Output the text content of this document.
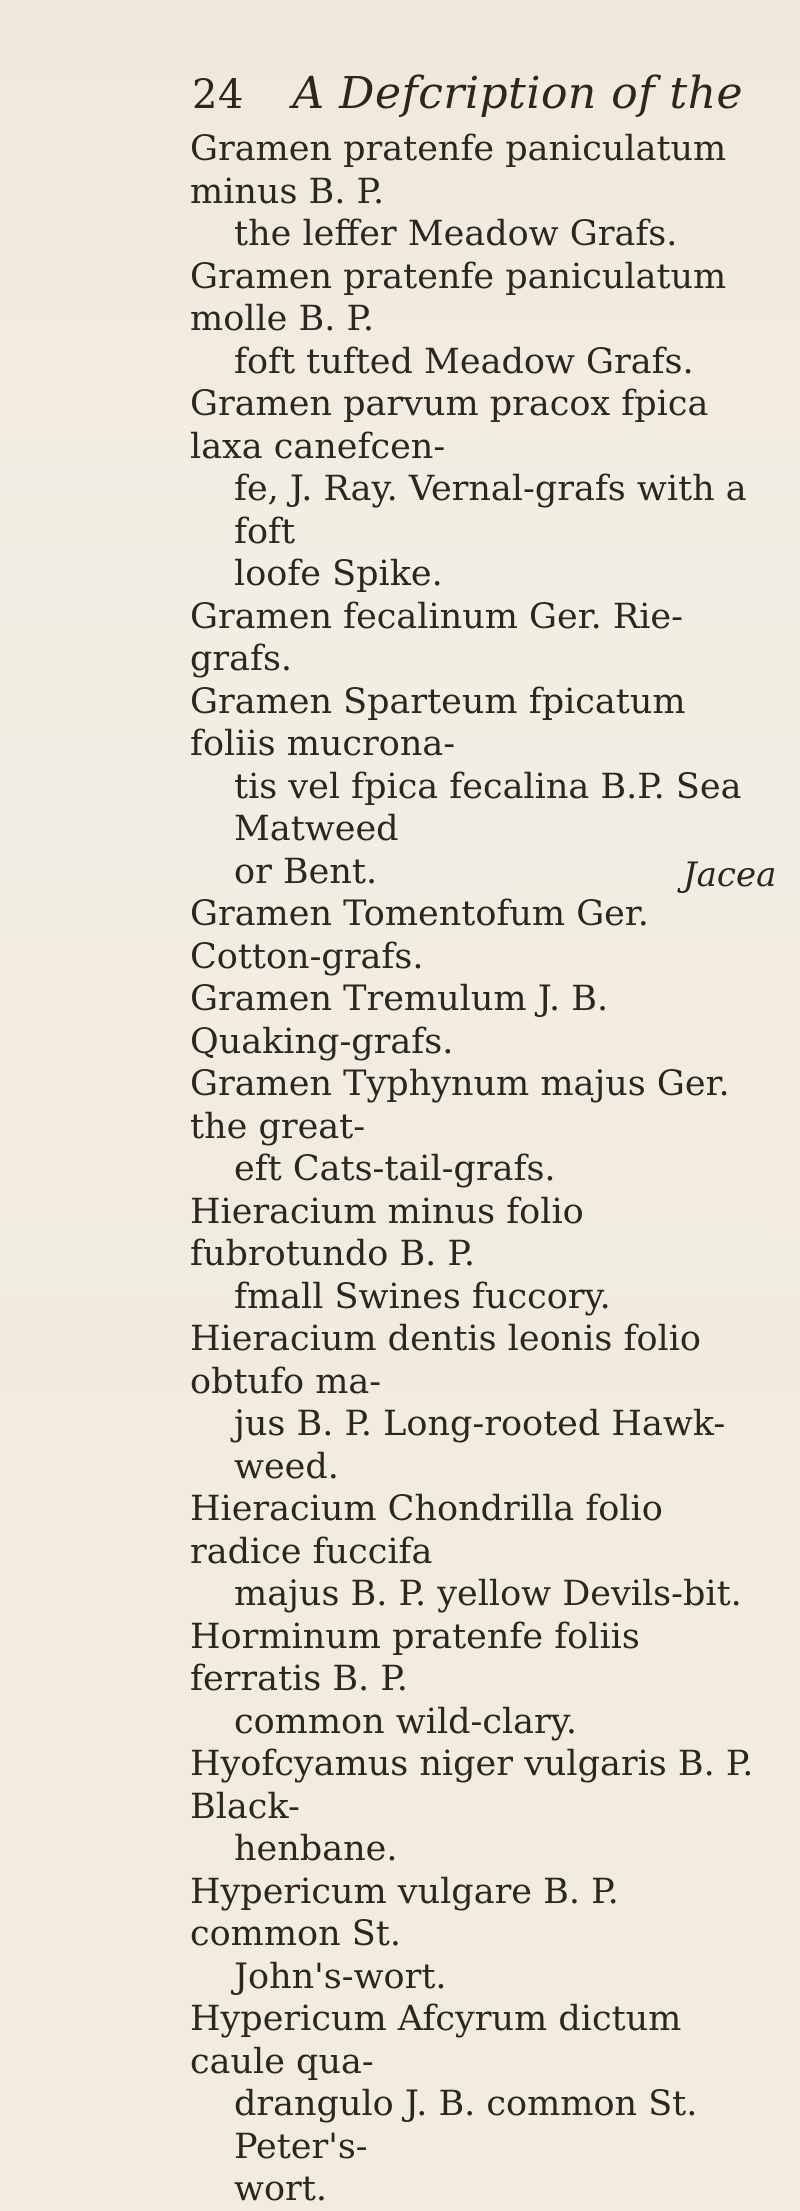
24 A Defcription of the
Gramen pratenfe paniculatum minus B. P.
the leffer Meadow Grafs.
Gramen pratenfe paniculatum molle B. P.
foft tufted Meadow Grafs.
Gramen parvum pracox fpica laxa canefcen-
fe, J. Ray. Vernal-grafs with a foft
loofe Spike.
Gramen fecalinum Ger. Rie-grafs.
Gramen Sparteum fpicatum foliis mucrona-
tis vel fpica fecalina B.P. Sea Matweed
or Bent.
Gramen Tomentofum Ger. Cotton-grafs.
Gramen Tremulum J. B. Quaking-grafs.
Gramen Typhynum majus Ger. the great-
eft Cats-tail-grafs.
Hieracium minus folio fubrotundo B. P.
fmall Swines fuccory.
Hieracium dentis leonis folio obtufo ma-
jus B. P. Long-rooted Hawk-weed.
Hieracium Chondrilla folio radice fuccifa
majus B. P. yellow Devils-bit.
Horminum pratenfe foliis ferratis B. P.
common wild-clary.
Hyofcyamus niger vulgaris B. P. Black-
henbane.
Hypericum vulgare B. P. common St.
John's-wort.
Hypericum Afcyrum dictum caule qua-
drangulo J. B. common St. Peter's-
wort.
Jacea
